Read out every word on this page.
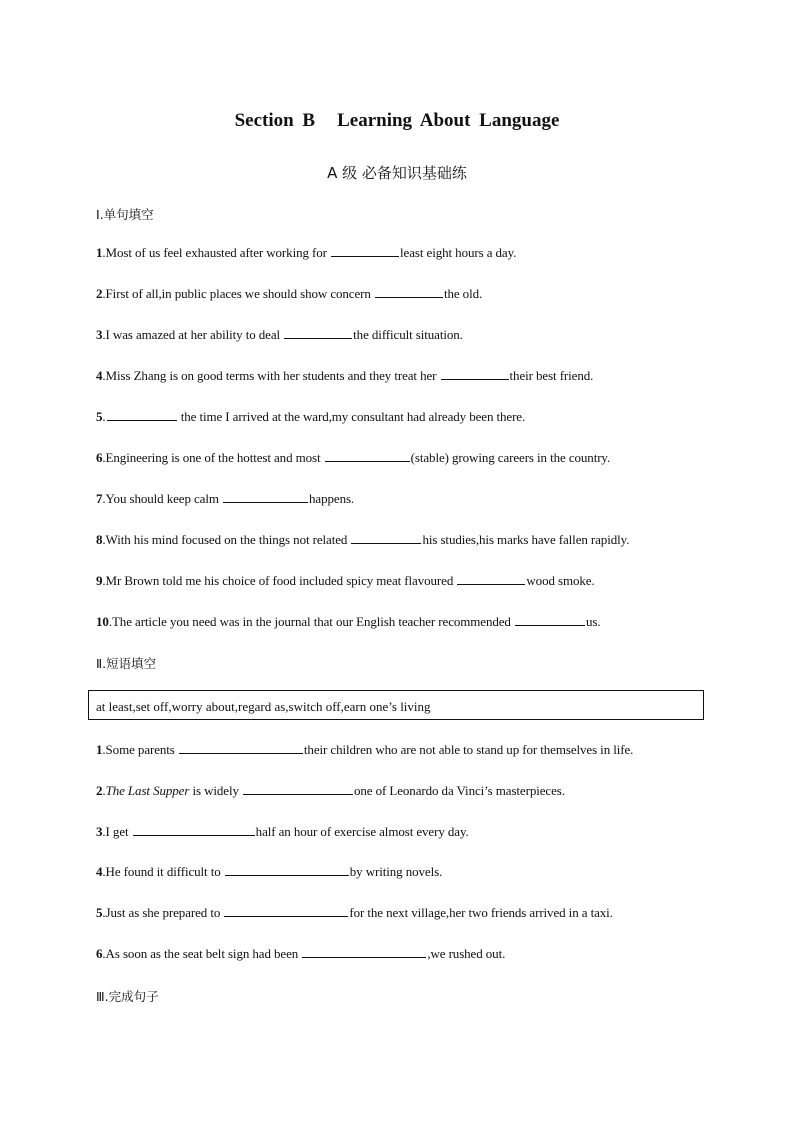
Section B Learning About Language
A 级 必备知识基础练
Ⅰ.单句填空
1.Most of us feel exhausted after working for	least eight hours a day.
2.First of all,in public places we should show concern	the old.
3.I was amazed at her ability to deal	the difficult situation.
4.Miss Zhang is on good terms with her students and they treat her	their best friend.
5.	the time I arrived at the ward,my consultant had already been there.
6.Engineering is one of the hottest and most	(stable) growing careers in the country.
7.You should keep calm	happens.
8.With his mind focused on the things not related	his studies,his marks have fallen rapidly.
9.Mr Brown told me his choice of food included spicy meat flavoured	wood smoke.
10.The article you need was in the journal that our English teacher recommended	us.
Ⅱ.短语填空
at least,set off,worry about,regard as,switch off,earn one’s living
1.Some parents	their children who are not able to stand up for themselves in life.
2.The Last Supper is widely	one of Leonardo da Vinci’s masterpieces.
3.I get	half an hour of exercise almost every day.
4.He found it difficult to	by writing novels.
5.Just as she prepared to	for the next village,her two friends arrived in a taxi.
6.As soon as the seat belt sign had been	,we rushed out.
Ⅲ.完成句子
